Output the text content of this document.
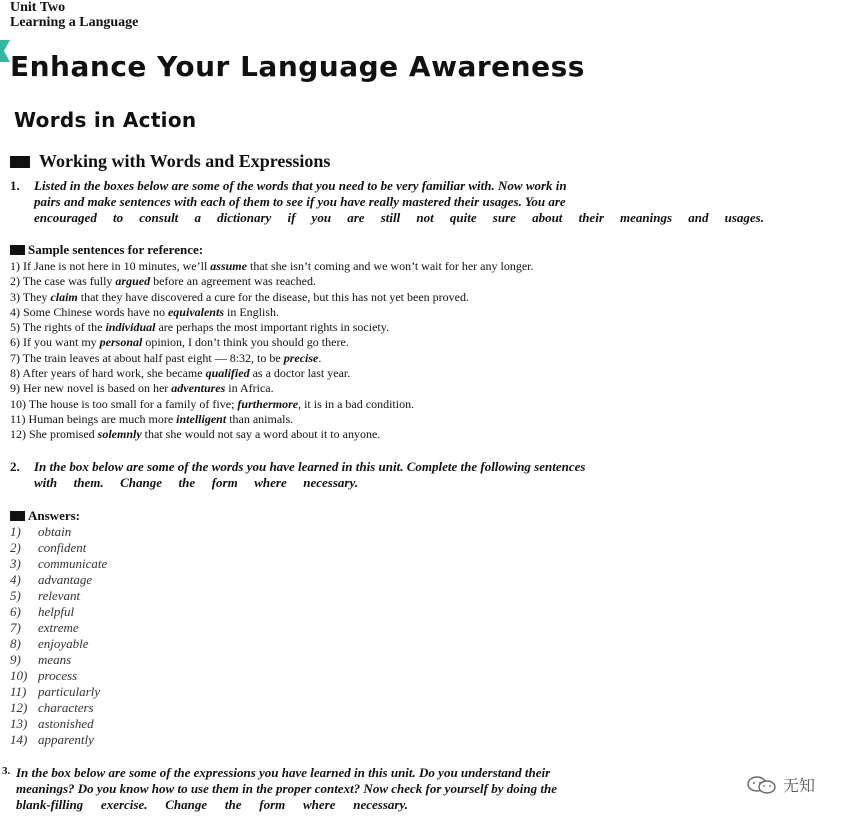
Unit Two
Learning a Language
Enhance Your Language Awareness
Words in Action
Working with Words and Expressions
1. Listed in the boxes below are some of the words that you need to be very familiar with. Now work in
pairs and make sentences with each of them to see if you have really mastered their usages. You are
encouraged to consult a dictionary if you are still not quite sure about their meanings and usages.
Sample sentences for reference:
1) If Jane is not here in 10 minutes, we’ll assume that she isn’t coming and we won’t wait for her any longer.
2) The case was fully argued before an agreement was reached.
3) They claim that they have discovered a cure for the disease, but this has not yet been proved.
4) Some Chinese words have no equivalents in English.
5) The rights of the individual are perhaps the most important rights in society.
6) If you want my personal opinion, I don’t think you should go there.
7) The train leaves at about half past eight — 8:32, to be precise.
8) After years of hard work, she became qualified as a doctor last year.
9) Her new novel is based on her adventures in Africa.
10) The house is too small for a family of five; furthermore, it is in a bad condition.
11) Human beings are much more intelligent than animals.
12) She promised solemnly that she would not say a word about it to anyone.
2. In the box below are some of the words you have learned in this unit. Complete the following sentences
with them. Change the form where necessary.
Answers:
1) obtain
2) confident
3) communicate
4) advantage
5) relevant
6) helpful
7) extreme
8) enjoyable
9) means
10) process
11) particularly
12) characters
13) astonished
14) apparently
3. In the box below are some of the expressions you have learned in this unit. Do you understand their
meanings? Do you know how to use them in the proper context? Now check for yourself by doing the
blank-filling exercise. Change the form where necessary.
无知
